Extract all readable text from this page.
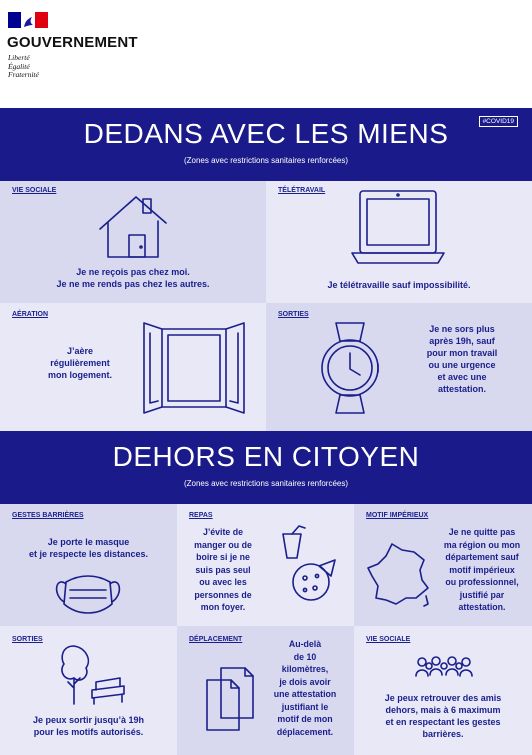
GOUVERNEMENT
Liberté
Égalité
Fraternité
DEDANS AVEC LES MIENS
(Zones avec restrictions sanitaires renforcées)
#COVID19
VIE SOCIALE
Je ne reçois pas chez moi.
Je ne me rends pas chez les autres.
TÉLÉTRAVAIL
Je télétravaille sauf impossibilité.
AÉRATION
J’aère
régulièrement
mon logement.
SORTIES
Je ne sors plus
après 19h, sauf
pour mon travail
ou une urgence
et avec une
attestation.
DEHORS EN CITOYEN
(Zones avec restrictions sanitaires renforcées)
GESTES BARRIÈRES
Je porte le masque
et je respecte les distances.
REPAS
J’évite de
manger ou de
boire si je ne
suis pas seul
ou avec les
personnes de
mon foyer.
MOTIF IMPÉRIEUX
Je ne quitte pas
ma région ou mon
département sauf
motif impérieux
ou professionnel,
justifié par
attestation.
SORTIES
Je peux sortir jusqu’à 19h
pour les motifs autorisés.
DÉPLACEMENT	Au-delà
de 10
kilomètres,
je dois avoir
une attestation
justifiant le
motif de mon
déplacement.
VIE SOCIALE
Je peux retrouver des amis
dehors, mais à 6 maximum
et en respectant les gestes
barrières.
